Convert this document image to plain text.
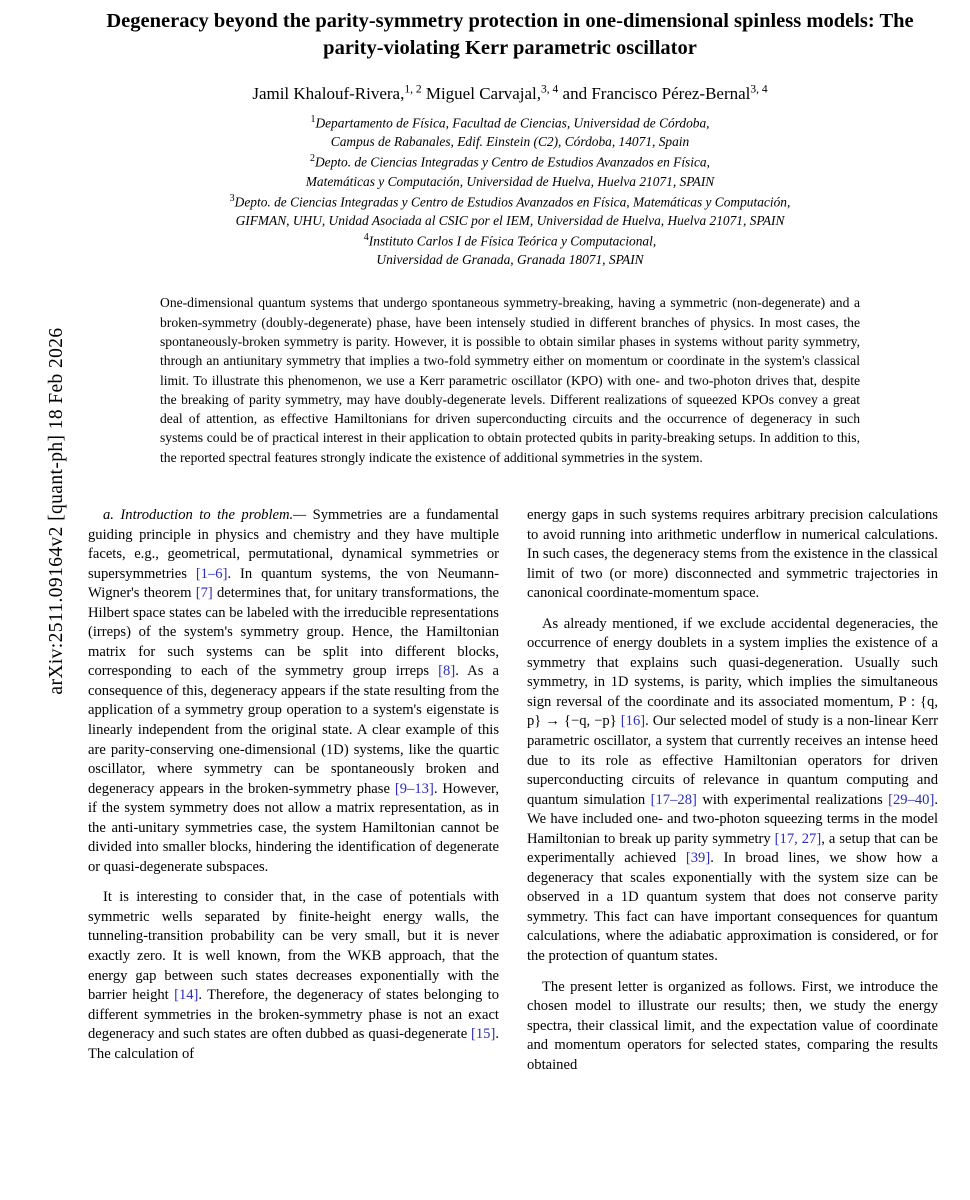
arXiv:2511.09164v2 [quant-ph] 18 Feb 2026
Degeneracy beyond the parity-symmetry protection in one-dimensional spinless models: The parity-violating Kerr parametric oscillator
Jamil Khalouf-Rivera,$^{1, 2}$ Miguel Carvajal,$^{3, 4}$ and Francisco Pérez-Bernal$^{3, 4}$
$^1$Departamento de Física, Facultad de Ciencias, Universidad de Córdoba,
Campus de Rabanales, Edif. Einstein (C2), Córdoba, 14071, Spain
$^2$Depto. de Ciencias Integradas y Centro de Estudios Avanzados en Física,
Matemáticas y Computación, Universidad de Huelva, Huelva 21071, SPAIN
$^3$Depto. de Ciencias Integradas y Centro de Estudios Avanzados en Física, Matemáticas y Computación,
GIFMAN, UHU, Unidad Asociada al CSIC por el IEM, Universidad de Huelva, Huelva 21071, SPAIN
$^4$Instituto Carlos I de Física Teórica y Computacional,
Universidad de Granada, Granada 18071, SPAIN
One-dimensional quantum systems that undergo spontaneous symmetry-breaking, having a symmetric (non-degenerate) and a broken-symmetry (doubly-degenerate) phase, have been intensely studied in different branches of physics. In most cases, the spontaneously-broken symmetry is parity. However, it is possible to obtain similar phases in systems without parity symmetry, through an antiunitary symmetry that implies a two-fold symmetry either on momentum or coordinate in the system's classical limit. To illustrate this phenomenon, we use a Kerr parametric oscillator (KPO) with one- and two-photon drives that, despite the breaking of parity symmetry, may have doubly-degenerate levels. Different realizations of squeezed KPOs convey a great deal of attention, as effective Hamiltonians for driven superconducting circuits and the occurrence of degeneracy in such systems could be of practical interest in their application to obtain protected qubits in parity-breaking setups. In addition to this, the reported spectral features strongly indicate the existence of additional symmetries in the system.

a. Introduction to the problem.— Symmetries are a fundamental guiding principle in physics and chemistry and they have multiple facets, e.g., geometrical, permutational, dynamical symmetries or supersymmetries [1–6]. In quantum systems, the von Neumann-Wigner's theorem [7] determines that, for unitary transformations, the Hilbert space states can be labeled with the irreducible representations (irreps) of the system's symmetry group. Hence, the Hamiltonian matrix for such systems can be split into different blocks, corresponding to each of the symmetry group irreps [8]. As a consequence of this, degeneracy appears if the state resulting from the application of a symmetry group operation to a system's eigenstate is linearly independent from the original state. A clear example of this are parity-conserving one-dimensional (1D) systems, like the quartic oscillator, where symmetry can be spontaneously broken and degeneracy appears in the broken-symmetry phase [9–13]. However, if the system symmetry does not allow a matrix representation, as in the anti-unitary symmetries case, the system Hamiltonian cannot be divided into smaller blocks, hindering the identification of degenerate or quasi-degenerate subspaces.

It is interesting to consider that, in the case of potentials with symmetric wells separated by finite-height energy walls, the tunneling-transition probability can be very small, but it is never exactly zero. It is well known, from the WKB approach, that the energy gap between such states decreases exponentially with the barrier height [14]. Therefore, the degeneracy of states belonging to different symmetries in the broken-symmetry phase is not an exact degeneracy and such states are often dubbed as quasi-degenerate [15]. The calculation of

energy gaps in such systems requires arbitrary precision calculations to avoid running into arithmetic underflow in numerical calculations. In such cases, the degeneracy stems from the existence in the classical limit of two (or more) disconnected and symmetric trajectories in canonical coordinate-momentum space.

As already mentioned, if we exclude accidental degeneracies, the occurrence of energy doublets in a system implies the existence of a symmetry that explains such quasi-degeneration. Usually such symmetry, in 1D systems, is parity, which implies the simultaneous sign reversal of the coordinate and its associated momentum, P : {q, p} → {−q, −p} [16]. Our selected model of study is a non-linear Kerr parametric oscillator, a system that currently receives an intense heed due to its role as effective Hamiltonian operators for driven superconducting circuits of relevance in quantum computing and quantum simulation [17–28] with experimental realizations [29–40]. We have included one- and two-photon squeezing terms in the model Hamiltonian to break up parity symmetry [17, 27], a setup that can be experimentally achieved [39]. In broad lines, we show how a degeneracy that scales exponentially with the system size can be observed in a 1D quantum system that does not conserve parity symmetry. This fact can have important consequences for quantum calculations, where the adiabatic approximation is considered, or for the protection of quantum states.

The present letter is organized as follows. First, we introduce the chosen model to illustrate our results; then, we study the energy spectra, their classical limit, and the expectation value of coordinate and momentum operators for selected states, comparing the results obtained
